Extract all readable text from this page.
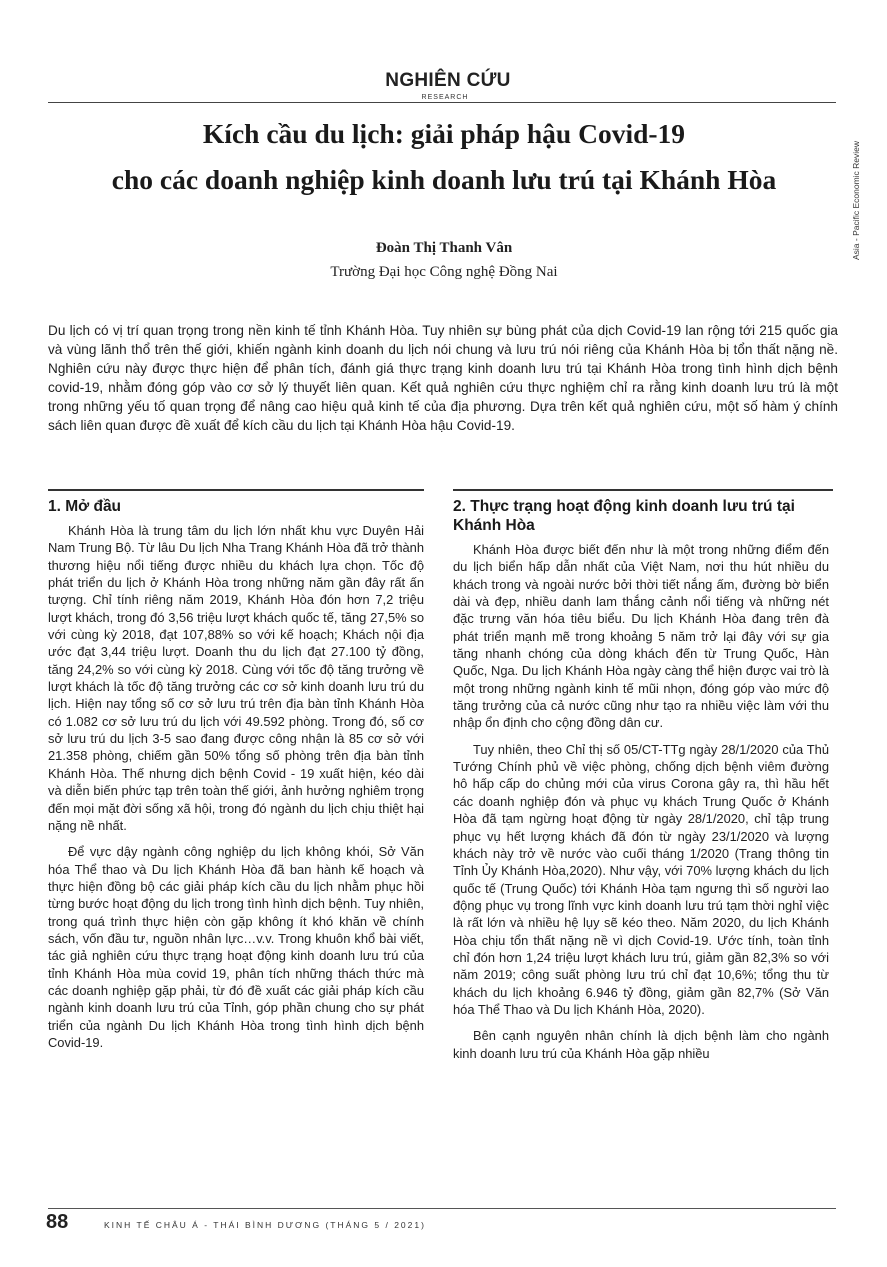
NGHIÊN CỨU
RESEARCH
Asia - Pacific Economic Review
Kích cầu du lịch: giải pháp hậu Covid-19
cho các doanh nghiệp kinh doanh lưu trú tại Khánh Hòa
Đoàn Thị Thanh Vân
Trường Đại học Công nghệ Đồng Nai
Du lịch có vị trí quan trọng trong nền kinh tế tỉnh Khánh Hòa. Tuy nhiên sự bùng phát của dịch Covid-19 lan rộng tới 215 quốc gia và vùng lãnh thổ trên thế giới, khiến ngành kinh doanh du lịch nói chung và lưu trú nói riêng của Khánh Hòa bị tổn thất nặng nề. Nghiên cứu này được thực hiện để phân tích, đánh giá thực trạng kinh doanh lưu trú tại Khánh Hòa trong tình hình dịch bệnh covid-19, nhằm đóng góp vào cơ sở lý thuyết liên quan. Kết quả nghiên cứu thực nghiệm chỉ ra rằng kinh doanh lưu trú là một trong những yếu tố quan trọng để nâng cao hiệu quả kinh tế của địa phương. Dựa trên kết quả nghiên cứu, một số hàm ý chính sách liên quan được đề xuất để kích cầu du lịch tại Khánh Hòa hậu Covid-19.
1. Mở đầu

Khánh Hòa là trung tâm du lịch lớn nhất khu vực Duyên Hải Nam Trung Bộ. Từ lâu Du lịch Nha Trang Khánh Hòa đã trở thành thương hiệu nổi tiếng được nhiều du khách lựa chọn. Tốc độ phát triển du lịch ở Khánh Hòa trong những năm gần đây rất ấn tượng. Chỉ tính riêng năm 2019, Khánh Hòa đón hơn 7,2 triệu lượt khách, trong đó 3,56 triệu lượt khách quốc tế, tăng 27,5% so với cùng kỳ 2018, đạt 107,88% so với kế hoạch; Khách nội địa ước đạt 3,44 triệu lượt. Doanh thu du lịch đạt 27.100 tỷ đồng, tăng 24,2% so với cùng kỳ 2018. Cùng với tốc độ tăng trưởng về lượt khách là tốc độ tăng trưởng các cơ sở kinh doanh lưu trú du lịch. Hiện nay tổng số cơ sở lưu trú trên địa bàn tỉnh Khánh Hòa có 1.082 cơ sở lưu trú du lịch với 49.592 phòng. Trong đó, số cơ sở lưu trú du lịch 3-5 sao đang được công nhận là 85 cơ sở với 21.358 phòng, chiếm gần 50% tổng số phòng trên địa bàn tỉnh Khánh Hòa. Thế nhưng dịch bệnh Covid - 19 xuất hiện, kéo dài và diễn biến phức tạp trên toàn thế giới, ảnh hưởng nghiêm trọng đến mọi mặt đời sống xã hội, trong đó ngành du lịch chịu thiệt hại nặng nề nhất.

Để vực dậy ngành công nghiệp du lịch không khói, Sở Văn hóa Thể thao và Du lịch Khánh Hòa đã ban hành kế hoạch và thực hiện đồng bộ các giải pháp kích cầu du lịch nhằm phục hồi từng bước hoạt động du lịch trong tình hình dịch bệnh. Tuy nhiên, trong quá trình thực hiện còn gặp không ít khó khăn về chính sách, vốn đầu tư, nguồn nhân lực…v.v. Trong khuôn khổ bài viết, tác giả nghiên cứu thực trạng hoạt động kinh doanh lưu trú của tỉnh Khánh Hòa mùa covid 19, phân tích những thách thức mà các doanh nghiệp gặp phải, từ đó đề xuất các giải pháp kích cầu ngành kinh doanh lưu trú của Tỉnh, góp phần chung cho sự phát triển của ngành Du lịch Khánh Hòa trong tình hình dịch bệnh Covid-19.

2. Thực trạng hoạt động kinh doanh lưu trú tại Khánh Hòa

Khánh Hòa được biết đến như là một trong những điểm đến du lịch biển hấp dẫn nhất của Việt Nam, nơi thu hút nhiều du khách trong và ngoài nước bởi thời tiết nắng ấm, đường bờ biển dài và đẹp, nhiều danh lam thắng cảnh nổi tiếng và những nét đặc trưng văn hóa tiêu biểu. Du lịch Khánh Hòa đang trên đà phát triển mạnh mẽ trong khoảng 5 năm trở lại đây với sự gia tăng nhanh chóng của dòng khách đến từ Trung Quốc, Hàn Quốc, Nga. Du lịch Khánh Hòa ngày càng thể hiện được vai trò là một trong những ngành kinh tế mũi nhọn, đóng góp vào mức độ tăng trưởng của cả nước cũng như tạo ra nhiều việc làm với thu nhập ổn định cho cộng đồng dân cư.

Tuy nhiên, theo Chỉ thị số 05/CT-TTg ngày 28/1/2020 của Thủ Tướng Chính phủ về việc phòng, chống dịch bệnh viêm đường hô hấp cấp do chủng mới của virus Corona gây ra, thì hầu hết các doanh nghiệp đón và phục vụ khách Trung Quốc ở Khánh Hòa đã tạm ngừng hoạt động từ ngày 28/1/2020, chỉ tập trung phục vụ hết lượng khách đã đón từ ngày 23/1/2020 và lượng khách này trở về nước vào cuối tháng 1/2020 (Trang thông tin Tỉnh Ủy Khánh Hòa,2020). Như vậy, với 70% lượng khách du lịch quốc tế (Trung Quốc) tới Khánh Hòa tạm ngưng thì số người lao động phục vụ trong lĩnh vực kinh doanh lưu trú tạm thời nghỉ việc là rất lớn và nhiều hệ lụy sẽ kéo theo. Năm 2020, du lịch Khánh Hòa chịu tổn thất nặng nề vì dịch Covid-19. Ước tính, toàn tỉnh chỉ đón hơn 1,24 triệu lượt khách lưu trú, giảm gần 82,3% so với năm 2019; công suất phòng lưu trú chỉ đạt 10,6%; tổng thu từ khách du lịch khoảng 6.946 tỷ đồng, giảm gần 82,7% (Sở Văn hóa Thể Thao và Du lịch Khánh Hòa, 2020).

Bên cạnh nguyên nhân chính là dịch bệnh làm cho ngành kinh doanh lưu trú của Khánh Hòa gặp nhiều

88	KINH TẾ CHÂU Á - THÁI BÌNH DƯƠNG (THÁNG 5 / 2021)
